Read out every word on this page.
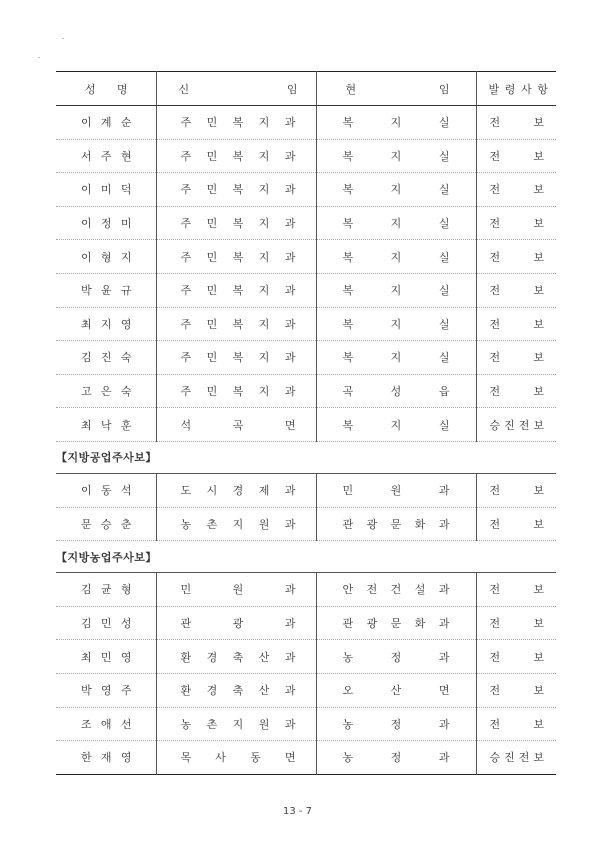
성 명	신 임	현 임	발 령 사 항

이 계 순	주 민 복 지 과	복 지 실	전 보

서 주 현	주 민 복 지 과	복 지 실	전 보

이 미 덕	주 민 복 지 과	복 지 실	전 보

이 정 미	주 민 복 지 과	복 지 실	전 보

이 형 지	주 민 복 지 과	복 지 실	전 보

박 윤 규	주 민 복 지 과	복 지 실	전 보

최 지 영	주 민 복 지 과	복 지 실	전 보

김 진 숙	주 민 복 지 과	복 지 실	전 보

고 은 숙	주 민 복 지 과	곡 성 읍	전 보

최 낙 훈	석 곡 면	복 지 실	승 진 전 보

【지방공업주사보】			

이 동 석	도 시 경 제 과	민 원 과	전 보

문 승 춘	농 촌 지 원 과	관 광 문 화 과	전 보

【지방농업주사보】			

김 균 형	민 원 과	안 전 건 설 과	전 보

김 민 성	관 광 과	관 광 문 화 과	전 보

최 민 영	환 경 축 산 과	농 정 과	전 보

박 영 주	환 경 축 산 과	오 산 면	전 보

조 애 선	농 촌 지 원 과	농 정 과	전 보

한 재 영	목 사 동 면	농 정 과	승 진 전 보
13 - 7
